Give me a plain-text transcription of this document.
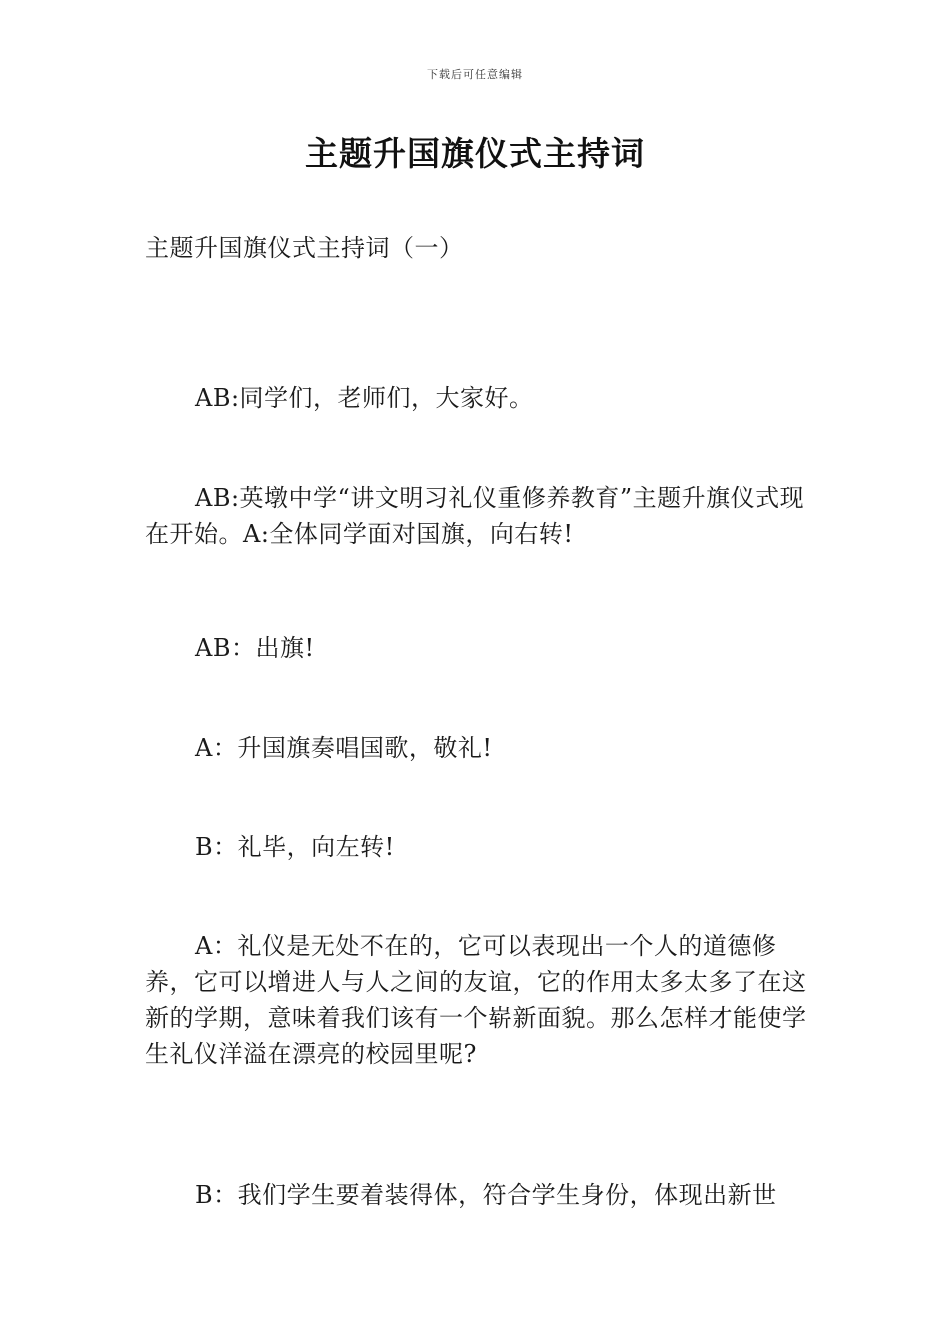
下载后可任意编辑
主题升国旗仪式主持词

主题升国旗仪式主持词（一）

AB:同学们，老师们，大家好。

AB:英墩中学“讲文明习礼仪重修养教育”主题升旗仪式现在开始。A:全体同学面对国旗，向右转!

AB：出旗!

A：升国旗奏唱国歌，敬礼!

B：礼毕，向左转!

A：礼仪是无处不在的，它可以表现出一个人的道德修养，它可以增进人与人之间的友谊，它的作用太多太多了在这新的学期，意味着我们该有一个崭新面貌。那么怎样才能使学生礼仪洋溢在漂亮的校园里呢?

B：我们学生要着装得体，符合学生身份，体现出新世
